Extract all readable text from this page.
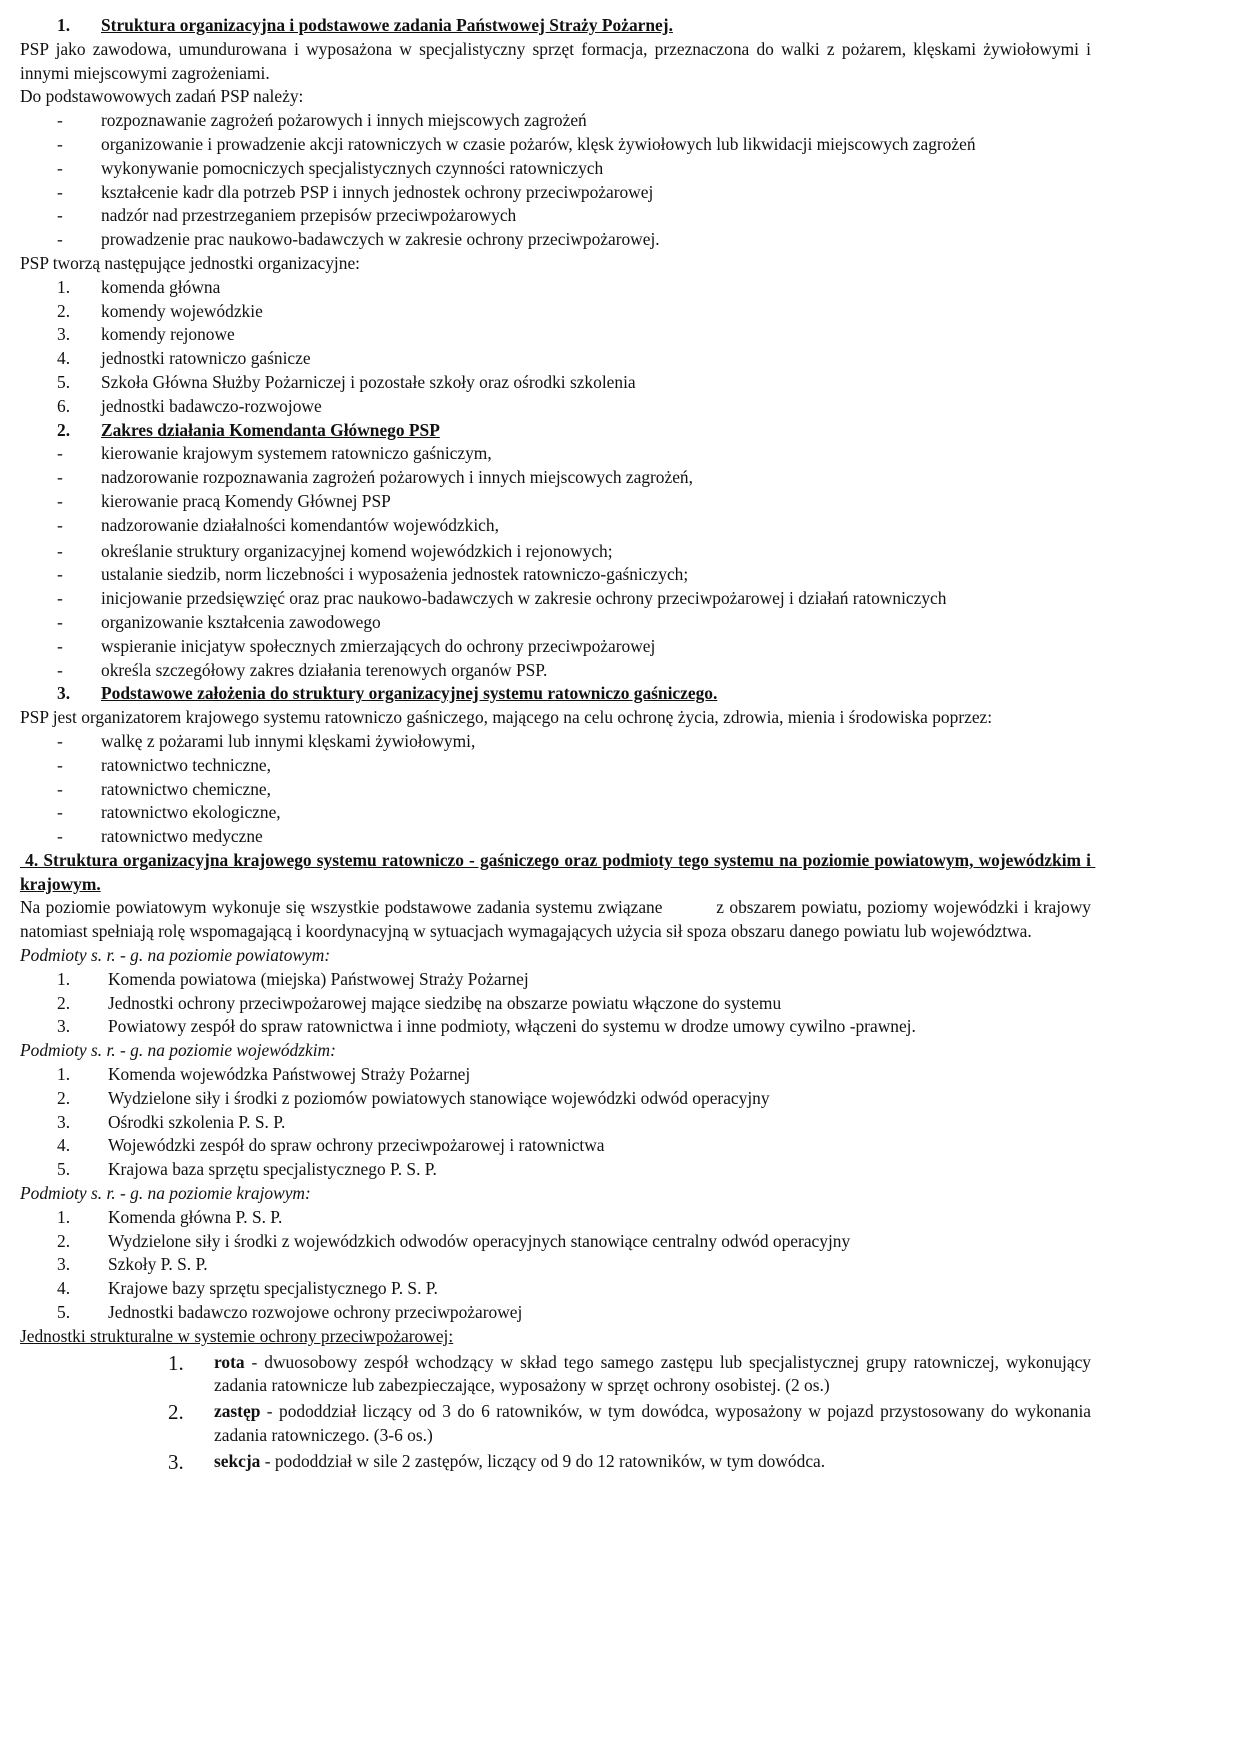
1.	Struktura organizacyjna i podstawowe zadania Państwowej Straży Pożarnej.

PSP jako zawodowa, umundurowana i wyposażona w specjalistyczny sprzęt formacja, przeznaczona do walki z pożarem, klęskami żywiołowymi i innymi miejscowymi zagrożeniami.

Do podstawowowych zadań PSP należy:

-	rozpoznawanie zagrożeń pożarowych i innych miejscowych zagrożeń
-	organizowanie i prowadzenie akcji ratowniczych w czasie pożarów, klęsk żywiołowych lub likwidacji miejscowych zagrożeń
-	wykonywanie pomocniczych specjalistycznych czynności ratowniczych
-	kształcenie kadr dla potrzeb PSP i innych jednostek ochrony przeciwpożarowej
-	nadzór nad przestrzeganiem przepisów przeciwpożarowych
-	prowadzenie prac naukowo-badawczych w zakresie ochrony przeciwpożarowej.

PSP tworzą następujące jednostki organizacyjne:

1.	komenda główna
2.	komendy wojewódzkie
3.	komendy rejonowe
4.	jednostki ratowniczo gaśnicze
5.	Szkoła Główna Służby Pożarniczej i pozostałe szkoły oraz ośrodki szkolenia
6.	jednostki badawczo-rozwojowe
2.	Zakres działania Komendanta Głównego PSP
-	kierowanie krajowym systemem ratowniczo gaśniczym,
-	nadzorowanie rozpoznawania zagrożeń pożarowych i innych miejscowych zagrożeń,
-	kierowanie pracą Komendy Głównej PSP
-	nadzorowanie działalności komendantów wojewódzkich,
-	określanie struktury organizacyjnej komend wojewódzkich i rejonowych;
-	ustalanie siedzib, norm liczebności i wyposażenia jednostek ratowniczo-gaśniczych;
-	inicjowanie przedsięwzięć oraz prac naukowo-badawczych w zakresie ochrony przeciwpożarowej i działań ratowniczych
-	organizowanie kształcenia zawodowego
-	wspieranie inicjatyw społecznych zmierzających do ochrony przeciwpożarowej
-	określa szczegółowy zakres działania terenowych organów PSP.
3.	Podstawowe założenia do struktury organizacyjnej systemu ratowniczo gaśniczego.

PSP jest organizatorem krajowego systemu ratowniczo gaśniczego, mającego na celu ochronę życia, zdrowia, mienia i środowiska poprzez:

-	walkę z pożarami lub innymi klęskami żywiołowymi,
-	ratownictwo techniczne,
-	ratownictwo chemiczne,
-	ratownictwo ekologiczne,
-	ratownictwo medyczne

4. Struktura organizacyjna krajowego systemu ratowniczo - gaśniczego oraz podmioty tego systemu na poziomie powiatowym, wojewódzkim i krajowym.

Na poziomie powiatowym wykonuje się wszystkie podstawowe zadania systemu związane          z obszarem powiatu, poziomy wojewódzki i krajowy natomiast spełniają rolę wspomagającą i koordynacyjną w sytuacjach wymagających użycia sił spoza obszaru danego powiatu lub województwa.

Podmioty s. r. - g. na poziomie powiatowym:

1.	Komenda powiatowa (miejska) Państwowej Straży Pożarnej
2.	Jednostki ochrony przeciwpożarowej mające siedzibę na obszarze powiatu włączone do systemu
3.	Powiatowy zespół do spraw ratownictwa i inne podmioty, włączeni do systemu w drodze umowy cywilno -prawnej.

Podmioty s. r. - g. na poziomie wojewódzkim:

1.	Komenda wojewódzka Państwowej Straży Pożarnej
2.	Wydzielone siły i środki z poziomów powiatowych stanowiące wojewódzki odwód operacyjny
3.	Ośrodki szkolenia P. S. P.
4.	Wojewódzki zespół do spraw ochrony przeciwpożarowej i ratownictwa
5.	Krajowa baza sprzętu specjalistycznego P. S. P.

Podmioty s. r. - g. na poziomie krajowym:

1.	Komenda główna P. S. P.
2.	Wydzielone siły i środki z wojewódzkich odwodów operacyjnych stanowiące centralny odwód operacyjny
3.	Szkoły P. S. P.
4.	Krajowe bazy sprzętu specjalistycznego P. S. P.
5.	Jednostki badawczo rozwojowe ochrony przeciwpożarowej

Jednostki strukturalne w systemie ochrony przeciwpożarowej:

1.	rota - dwuosobowy zespół wchodzący w skład tego samego zastępu lub specjalistycznej grupy ratowniczej, wykonujący zadania ratownicze lub zabezpieczające, wyposażony w sprzęt ochrony osobistej. (2 os.)
2.	zastęp - pododdział liczący od 3 do 6 ratowników, w tym dowódca, wyposażony w pojazd przystosowany do wykonania zadania ratowniczego. (3-6 os.)
3.	sekcja - pododdział w sile 2 zastępów, liczący od 9 do 12 ratowników, w tym dowódca.
